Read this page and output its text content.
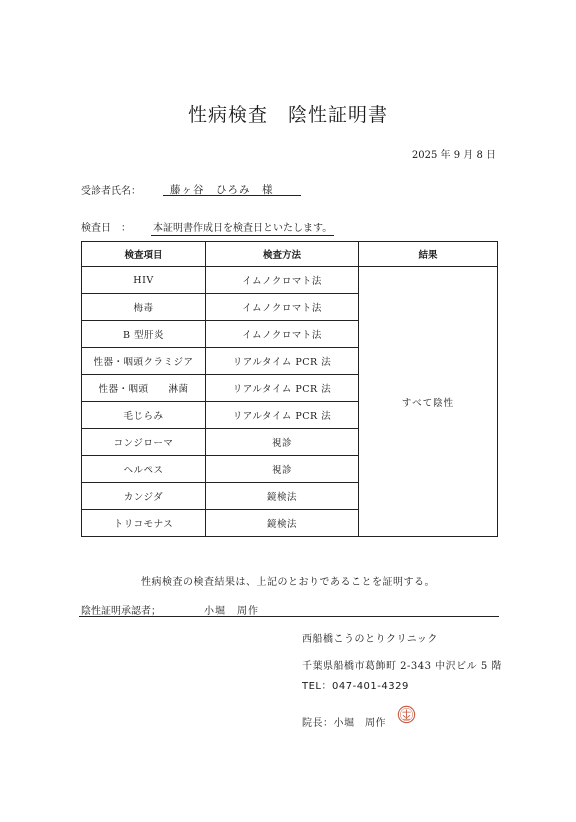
性病検査　陰性証明書
2025 年 9 月 8 日
受診者氏名：	藤ヶ谷　ひろみ　様
検査日　： 本証明書作成日を検査日といたします。
検査項目	検査方法	結果
HIV	イムノクロマト法	すべて陰性
梅毒	イムノクロマト法	
B 型肝炎	イムノクロマト法	
性器・咽頭クラミジア	リアルタイム PCR 法	
性器・咽頭　　淋菌	リアルタイム PCR 法	
毛じらみ	リアルタイム PCR 法	
コンジローマ	視診	
ヘルペス	視診	
カンジダ	鏡検法	
トリコモナス	鏡検法	
性病検査の検査結果は、上記のとおりであることを証明する。
陰性証明承認者；	小堀　周作
西船橋こうのとりクリニック
千葉県船橋市葛飾町 2-343 中沢ビル 5 階
TEL：047-401-4329
院長：小堀　周作
